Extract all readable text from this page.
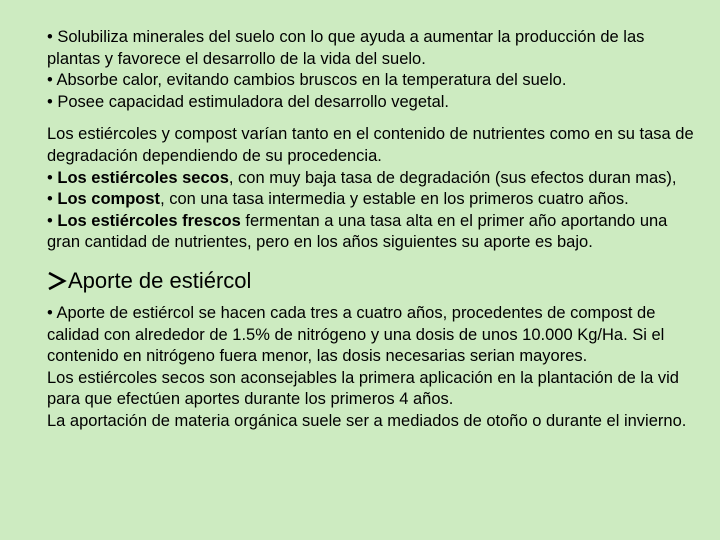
• Solubiliza minerales del suelo con lo que ayuda a aumentar la producción de las plantas y favorece el desarrollo de la vida del suelo.
• Absorbe calor, evitando cambios bruscos en la temperatura del suelo.
• Posee capacidad estimuladora del desarrollo vegetal.
Los estiércoles y compost varían tanto en el contenido de nutrientes como en su tasa de degradación dependiendo de su procedencia.
• Los estiércoles secos, con muy baja tasa de degradación (sus efectos duran mas),
• Los compost, con una tasa intermedia y estable en los primeros cuatro años.
• Los estiércoles frescos fermentan a una tasa alta en el primer año aportando una gran cantidad de nutrientes, pero en los años siguientes su aporte es bajo.
Aporte de estiércol
• Aporte de estiércol se hacen cada tres a cuatro años, procedentes de compost de calidad con alrededor de 1.5% de nitrógeno y una dosis de unos 10.000 Kg/Ha. Si el contenido en nitrógeno fuera menor, las dosis necesarias serian mayores.
Los estiércoles secos son aconsejables la primera aplicación en la plantación de la vid para que efectúen aportes durante los primeros 4 años.
La aportación de materia orgánica suele ser a mediados de otoño o durante el invierno.
